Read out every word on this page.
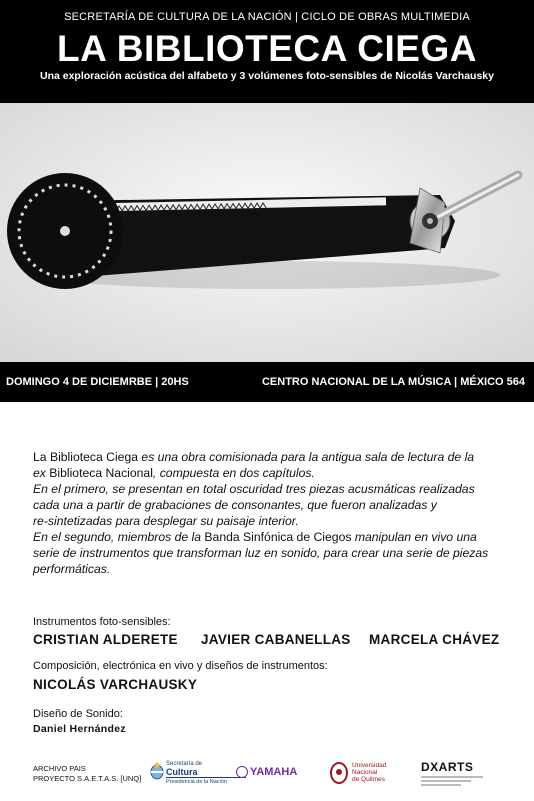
SECRETARÍA DE CULTURA DE LA NACIÓN | CICLO DE OBRAS MULTIMEDIA
LA BIBLIOTECA CIEGA
Una exploración acústica del alfabeto y 3 volúmenes foto-sensibles de Nicolás Varchausky
DOMINGO 4 DE DICIEMRBE | 20HS	CENTRO NACIONAL DE LA MÚSICA | MÉXICO 564
La Biblioteca Ciega es una obra comisionada para la antigua sala de lectura de la
ex Biblioteca Nacional, compuesta en dos capítulos.
En el primero, se presentan en total oscuridad tres piezas acusmáticas realizadas
cada una a partir de grabaciones de consonantes, que fueron analizadas y
re-sintetizadas para desplegar su paisaje interior.
En el segundo, miembros de la Banda Sinfónica de Ciegos manipulan en vivo una
serie de instrumentos que transforman luz en sonido, para crear una serie de piezas
performáticas.
Instrumentos foto-sensibles:
CRISTIAN ALDERETE JAVIER CABANELLAS MARCELA CHÁVEZ
Composición, electrónica en vivo y diseños de instrumentos:
NICOLÁS VARCHAUSKY
Diseño de Sonido:
Daniel Hernández
ARCHIVO PAIS
PROYECTO S.A.E.T.A.S. [UNQ]
Secretaría de
Cultura
Presidencia de la Nación
YAMAHA
Universidad
Nacional
de Quilmes
DXARTS
